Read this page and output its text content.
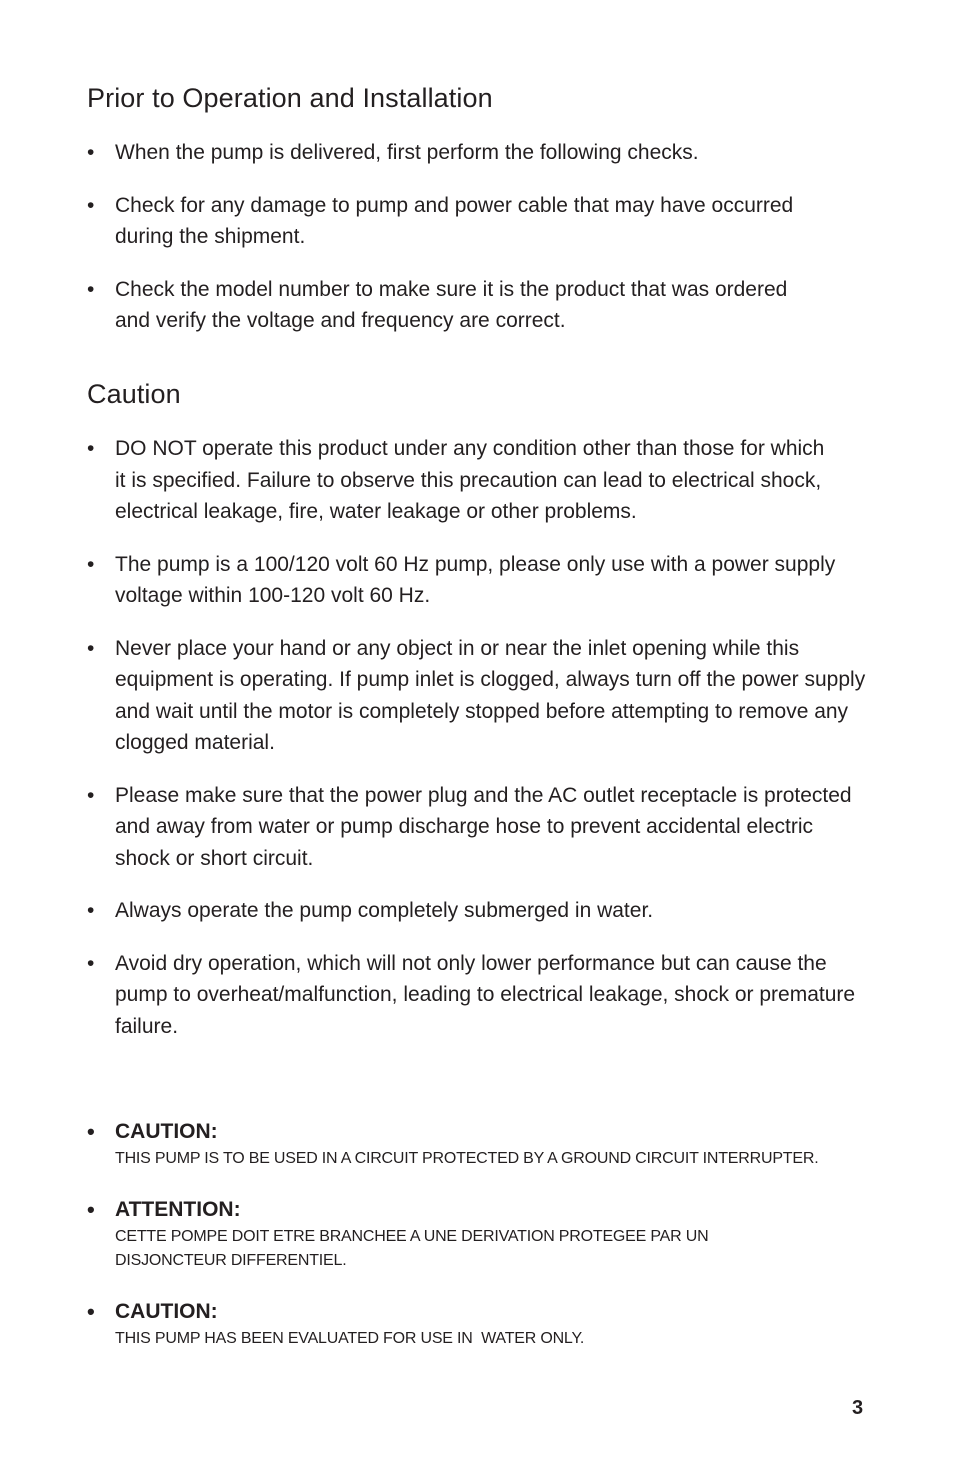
Prior to Operation and Installation
• When the pump is delivered, first perform the following checks.
• Check for any damage to pump and power cable that may have occurred during the shipment.
• Check the model number to make sure it is the product that was ordered and verify the voltage and frequency are correct.
Caution
• DO NOT operate this product under any condition other than those for which it is specified. Failure to observe this precaution can lead to electrical shock, electrical leakage, fire, water leakage or other problems.
• The pump is a 100/120 volt 60 Hz pump, please only use with a power supply voltage within 100-120 volt 60 Hz.
• Never place your hand or any object in or near the inlet opening while this equipment is operating. If pump inlet is clogged, always turn off the power supply and wait until the motor is completely stopped before attempting to remove any clogged material.
• Please make sure that the power plug and the AC outlet receptacle is protected and away from water or pump discharge hose to prevent accidental electric shock or short circuit.
• Always operate the pump completely submerged in water.
• Avoid dry operation, which will not only lower performance but can cause the pump to overheat/malfunction, leading to electrical leakage, shock or premature failure.
• CAUTION:
THIS PUMP IS TO BE USED IN A CIRCUIT PROTECTED BY A GROUND CIRCUIT INTERRUPTER.
• ATTENTION:
CETTE POMPE DOIT ETRE BRANCHEE A UNE DERIVATION PROTEGEE PAR UN DISJONCTEUR DIFFERENTIEL.
• CAUTION:
THIS PUMP HAS BEEN EVALUATED FOR USE IN  WATER ONLY.
3
